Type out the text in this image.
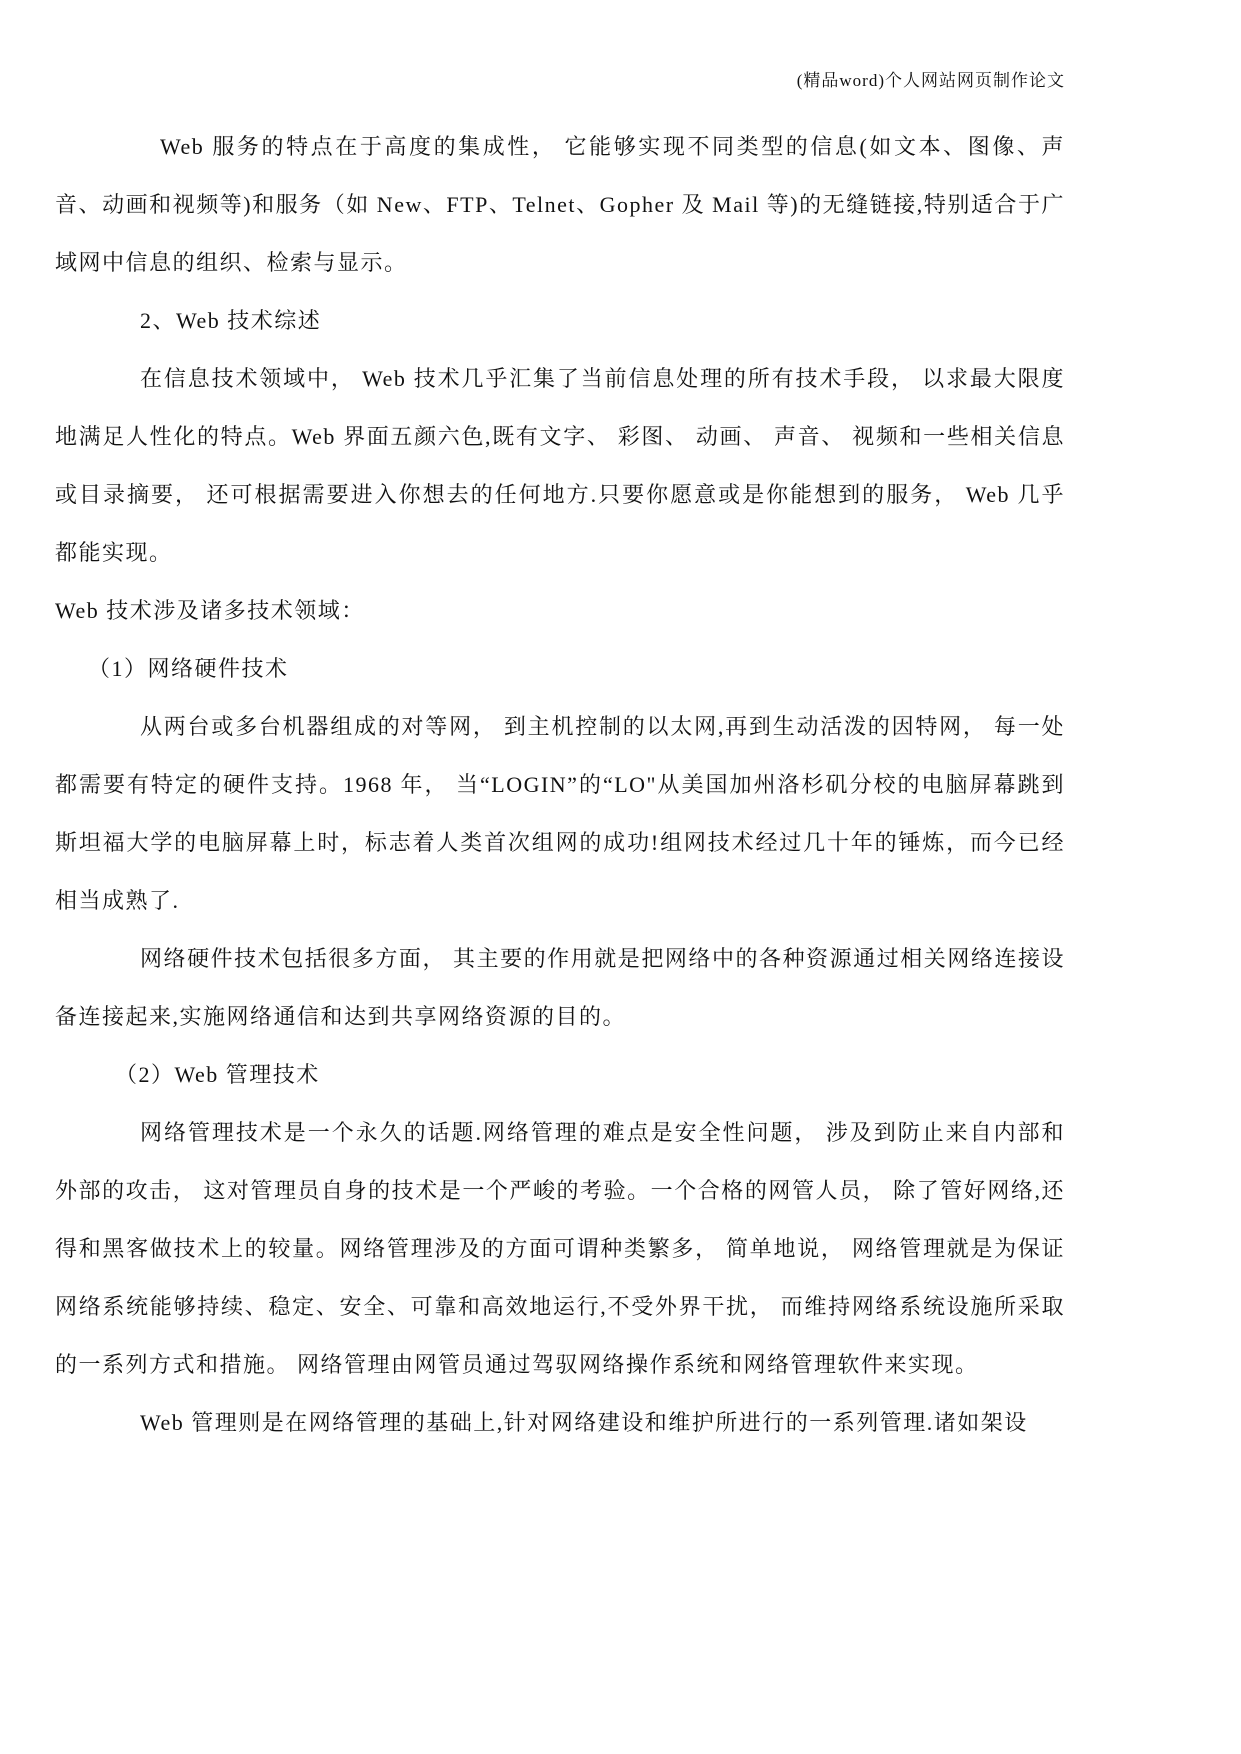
(精品word)个人网站网页制作论文

Web 服务的特点在于高度的集成性， 它能够实现不同类型的信息(如文本、图像、声音、动画和视频等)和服务（如 New、FTP、Telnet、Gopher 及 Mail 等)的无缝链接,特别适合于广域网中信息的组织、检索与显示。

2、Web 技术综述

在信息技术领域中， Web 技术几乎汇集了当前信息处理的所有技术手段， 以求最大限度地满足人性化的特点。Web 界面五颜六色,既有文字、 彩图、 动画、 声音、 视频和一些相关信息或目录摘要， 还可根据需要进入你想去的任何地方.只要你愿意或是你能想到的服务， Web 几乎都能实现。

Web 技术涉及诸多技术领域：

（1）网络硬件技术

从两台或多台机器组成的对等网， 到主机控制的以太网,再到生动活泼的因特网， 每一处都需要有特定的硬件支持。1968 年， 当“LOGIN”的“LO"从美国加州洛杉矶分校的电脑屏幕跳到斯坦福大学的电脑屏幕上时，标志着人类首次组网的成功!组网技术经过几十年的锤炼，而今已经相当成熟了.

网络硬件技术包括很多方面， 其主要的作用就是把网络中的各种资源通过相关网络连接设备连接起来,实施网络通信和达到共享网络资源的目的。

（2）Web 管理技术

网络管理技术是一个永久的话题.网络管理的难点是安全性问题， 涉及到防止来自内部和外部的攻击， 这对管理员自身的技术是一个严峻的考验。一个合格的网管人员， 除了管好网络,还得和黑客做技术上的较量。网络管理涉及的方面可谓种类繁多， 简单地说， 网络管理就是为保证网络系统能够持续、稳定、安全、可靠和高效地运行,不受外界干扰， 而维持网络系统设施所采取的一系列方式和措施。 网络管理由网管员通过驾驭网络操作系统和网络管理软件来实现。

Web 管理则是在网络管理的基础上,针对网络建设和维护所进行的一系列管理.诸如架设
